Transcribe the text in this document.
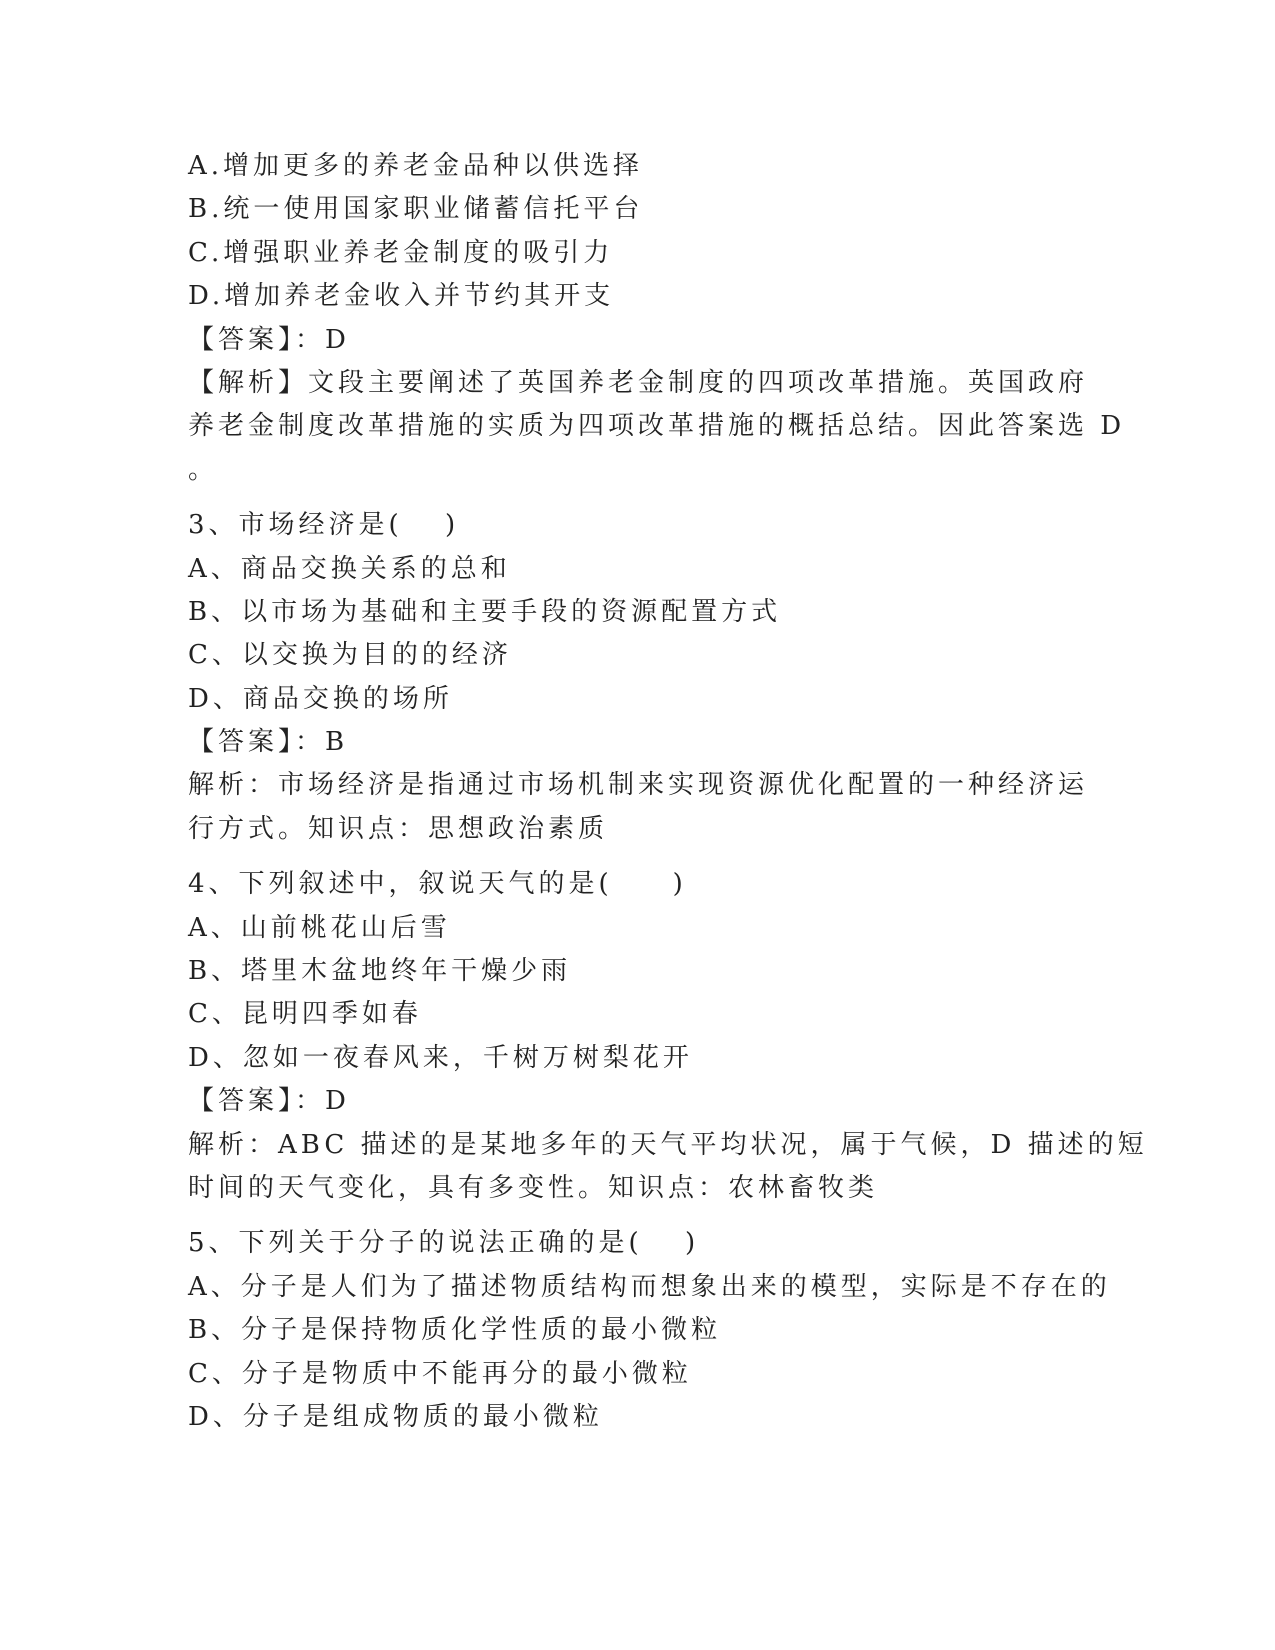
A.增加更多的养老金品种以供选择
B.统一使用国家职业储蓄信托平台
C.增强职业养老金制度的吸引力
D.增加养老金收入并节约其开支
【答案】：D
【解析】文段主要阐述了英国养老金制度的四项改革措施。英国政府
养老金制度改革措施的实质为四项改革措施的概括总结。因此答案选 D
。
3、市场经济是(　 )
A、商品交换关系的总和
B、以市场为基础和主要手段的资源配置方式
C、以交换为目的的经济
D、商品交换的场所
【答案】：B
解析：市场经济是指通过市场机制来实现资源优化配置的一种经济运
行方式。知识点：思想政治素质
4、下列叙述中，叙说天气的是(　　)
A、山前桃花山后雪
B、塔里木盆地终年干燥少雨
C、昆明四季如春
D、忽如一夜春风来，千树万树梨花开
【答案】：D
解析：ABC 描述的是某地多年的天气平均状况，属于气候，D 描述的短
时间的天气变化，具有多变性。知识点：农林畜牧类
5、下列关于分子的说法正确的是(　 )
A、分子是人们为了描述物质结构而想象出来的模型，实际是不存在的
B、分子是保持物质化学性质的最小微粒
C、分子是物质中不能再分的最小微粒
D、分子是组成物质的最小微粒
